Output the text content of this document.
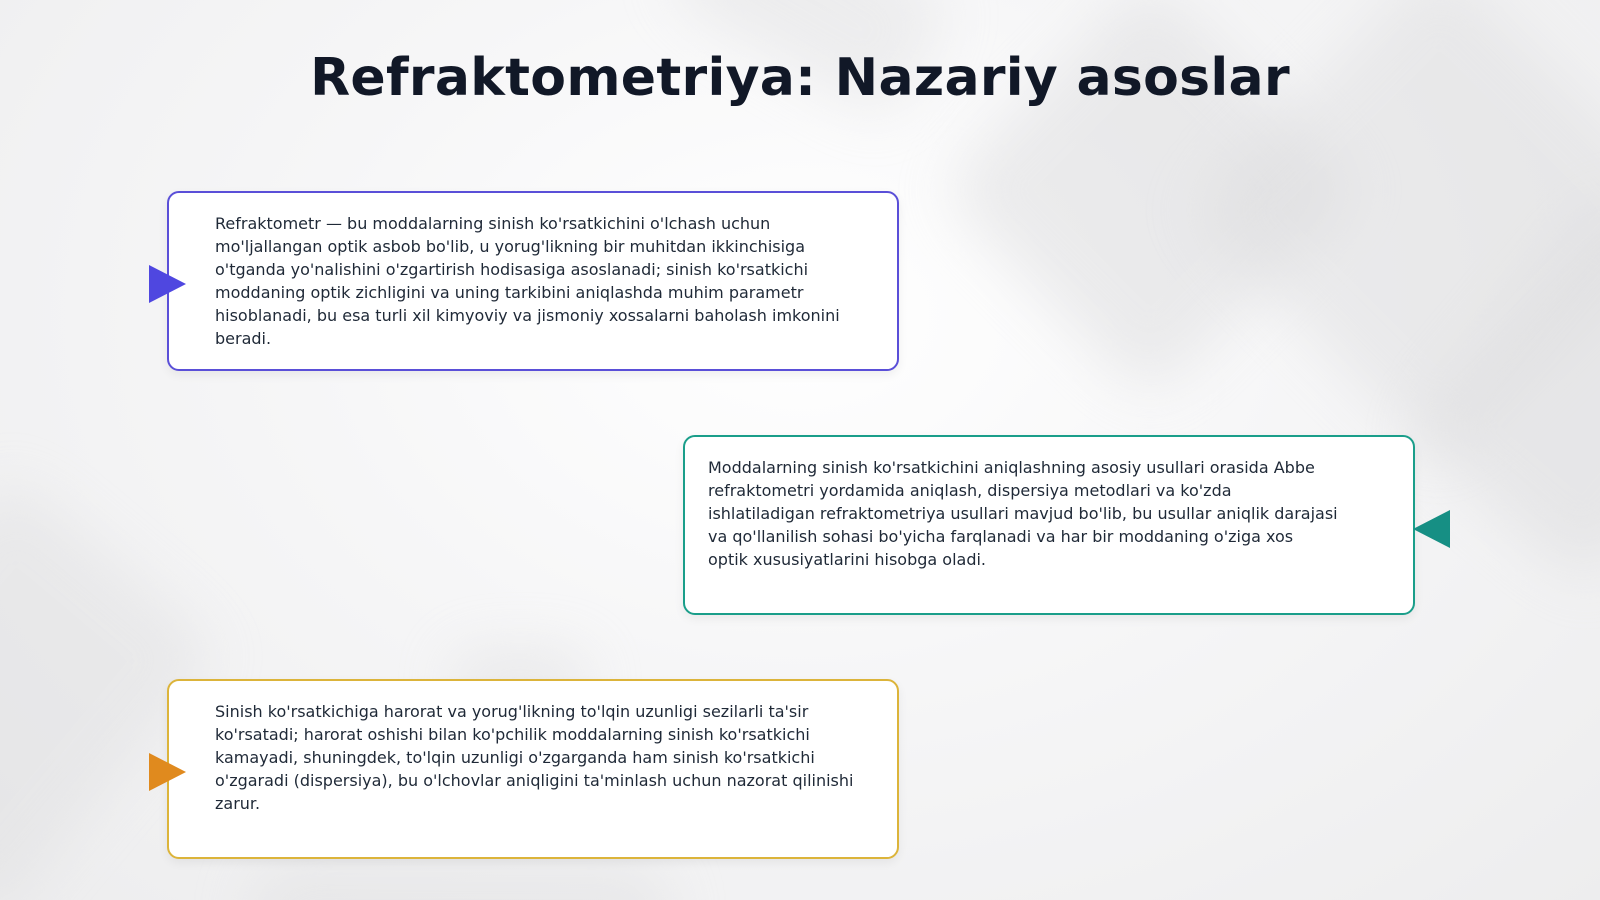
Refraktometriya: Nazariy asoslar

Refraktometr — bu moddalarning sinish ko'rsatkichini o'lchash uchun mo'ljallangan optik asbob bo'lib, u yorug'likning bir muhitdan ikkinchisiga o'tganda yo'nalishini o'zgartirish hodisasiga asoslanadi; sinish ko'rsatkichi moddaning optik zichligini va uning tarkibini aniqlashda muhim parametr hisoblanadi, bu esa turli xil kimyoviy va jismoniy xossalarni baholash imkonini beradi.

Moddalarning sinish ko'rsatkichini aniqlashning asosiy usullari orasida Abbe refraktometri yordamida aniqlash, dispersiya metodlari va ko'zda ishlatiladigan refraktometriya usullari mavjud bo'lib, bu usullar aniqlik darajasi va qo'llanilish sohasi bo'yicha farqlanadi va har bir moddaning o'ziga xos optik xususiyatlarini hisobga oladi.

Sinish ko'rsatkichiga harorat va yorug'likning to'lqin uzunligi sezilarli ta'sir ko'rsatadi; harorat oshishi bilan ko'pchilik moddalarning sinish ko'rsatkichi kamayadi, shuningdek, to'lqin uzunligi o'zgarganda ham sinish ko'rsatkichi o'zgaradi (dispersiya), bu o'lchovlar aniqligini ta'minlash uchun nazorat qilinishi zarur.
